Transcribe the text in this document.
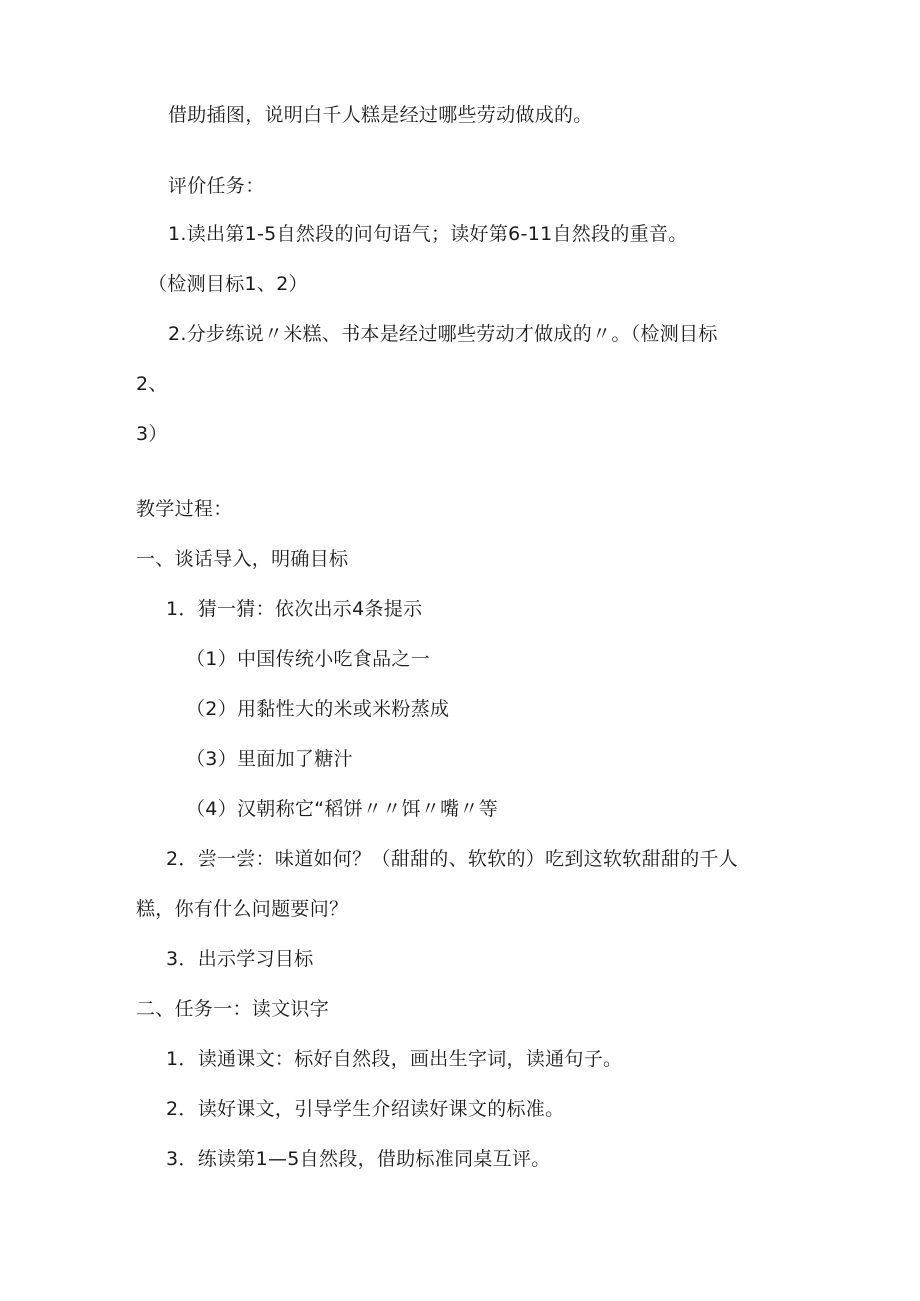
借助插图，说明白千人糕是经过哪些劳动做成的。
评价任务：
1.读出第1-5自然段的问句语气；读好第6-11自然段的重音。
（检测目标1、2）
2.分步练说〃米糕、书本是经过哪些劳动才做成的〃。（检测目标
2、
3）
教学过程：
一、谈话导入，明确目标
1．猜一猜：依次出示4条提示
（1）中国传统小吃食品之一
（2）用黏性大的米或米粉蒸成
（3）里面加了糖汁
（4）汉朝称它“稻饼〃〃饵〃嘴〃等
2．尝一尝：味道如何？（甜甜的、软软的）吃到这软软甜甜的千人
糕，你有什么问题要问？
3．出示学习目标
二、任务一：读文识字
1．读通课文：标好自然段，画出生字词，读通句子。
2．读好课文，引导学生介绍读好课文的标准。
3．练读第1—5自然段，借助标准同桌互评。
